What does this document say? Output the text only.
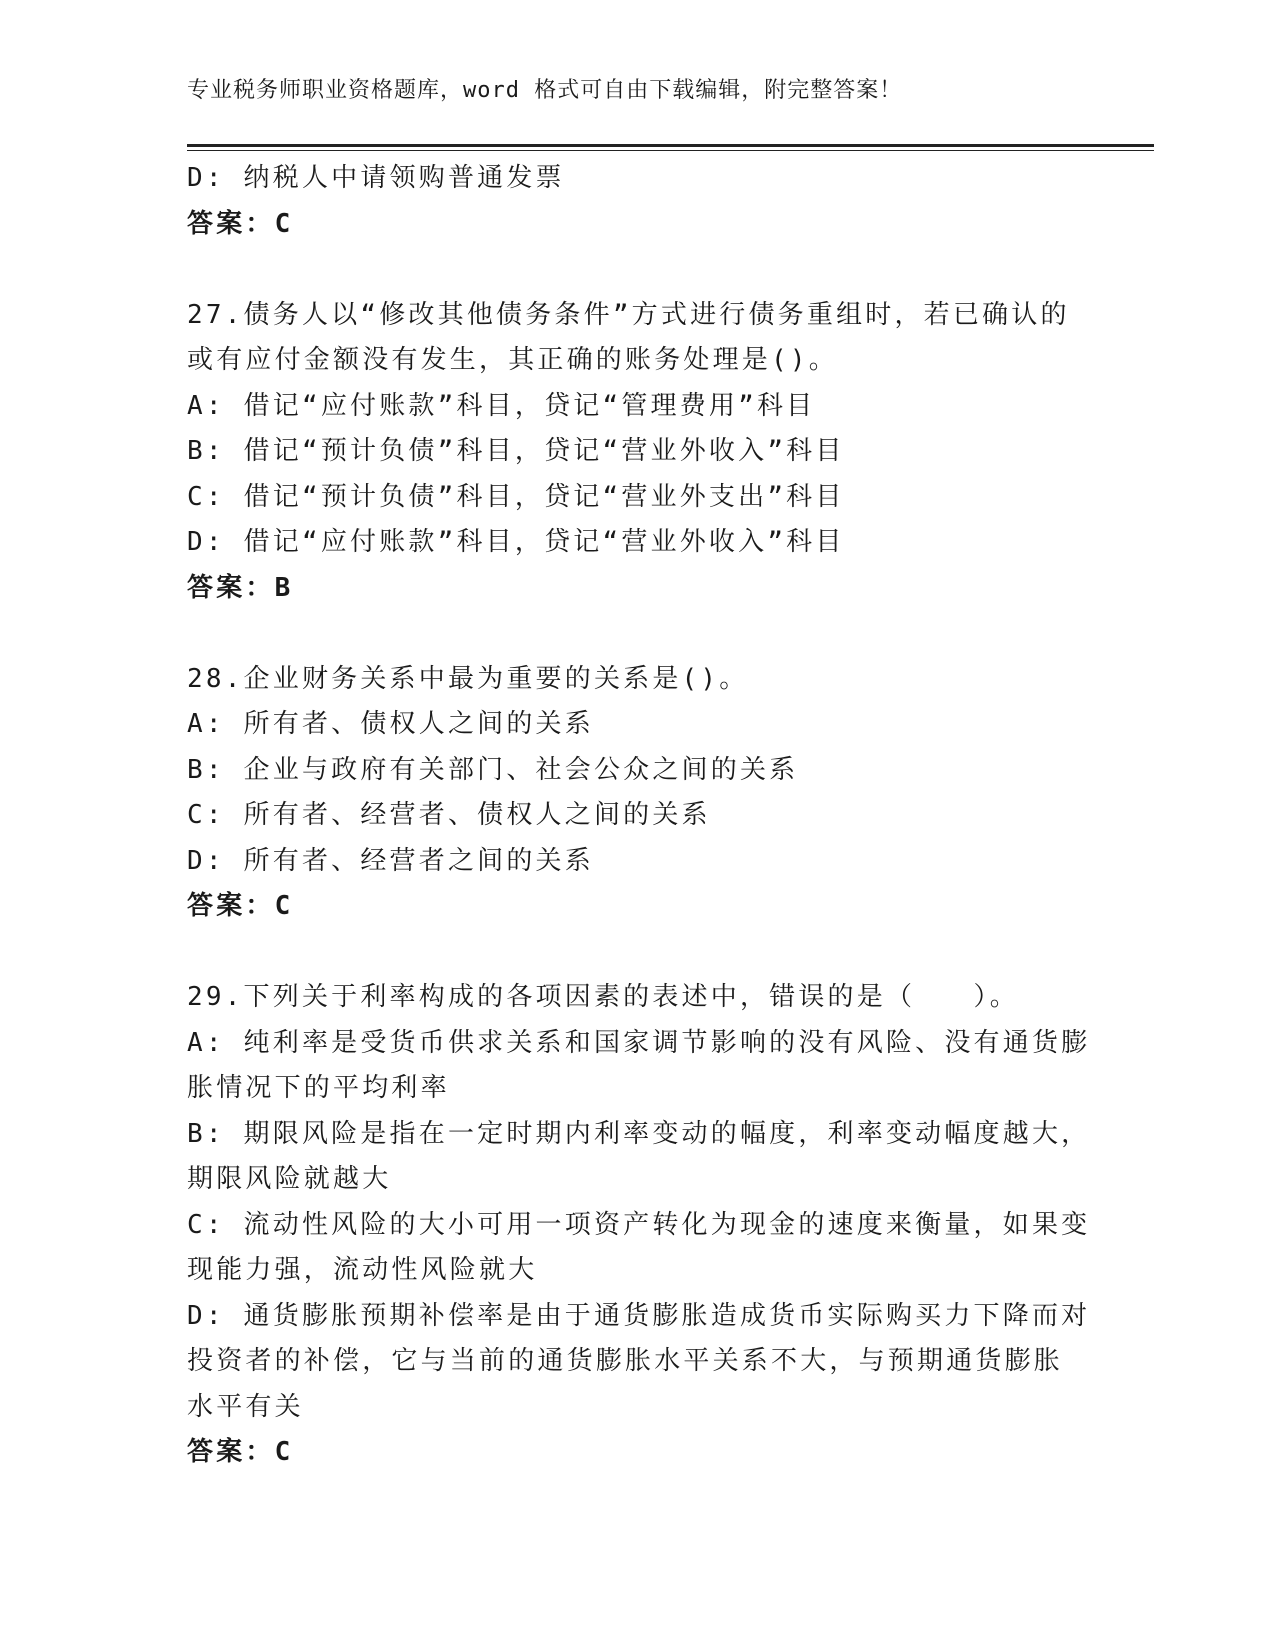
专业税务师职业资格题库，word 格式可自由下载编辑，附完整答案！
D: 纳税人中请领购普通发票
答案：C
27.债务人以“修改其他债务条件”方式进行债务重组时，若已确认的
或有应付金额没有发生，其正确的账务处理是()。
A: 借记“应付账款”科目，贷记“管理费用”科目
B: 借记“预计负债”科目，贷记“营业外收入”科目
C: 借记“预计负债”科目，贷记“营业外支出”科目
D: 借记“应付账款”科目，贷记“营业外收入”科目
答案：B
28.企业财务关系中最为重要的关系是()。
A: 所有者、债权人之间的关系
B: 企业与政府有关部门、社会公众之间的关系
C: 所有者、经营者、债权人之间的关系
D: 所有者、经营者之间的关系
答案：C
29.下列关于利率构成的各项因素的表述中，错误的是（　　）。
A: 纯利率是受货币供求关系和国家调节影响的没有风险、没有通货膨
胀情况下的平均利率
B: 期限风险是指在一定时期内利率变动的幅度，利率变动幅度越大，
期限风险就越大
C: 流动性风险的大小可用一项资产转化为现金的速度来衡量，如果变
现能力强，流动性风险就大
D: 通货膨胀预期补偿率是由于通货膨胀造成货币实际购买力下降而对
投资者的补偿，它与当前的通货膨胀水平关系不大，与预期通货膨胀
水平有关
答案：C
